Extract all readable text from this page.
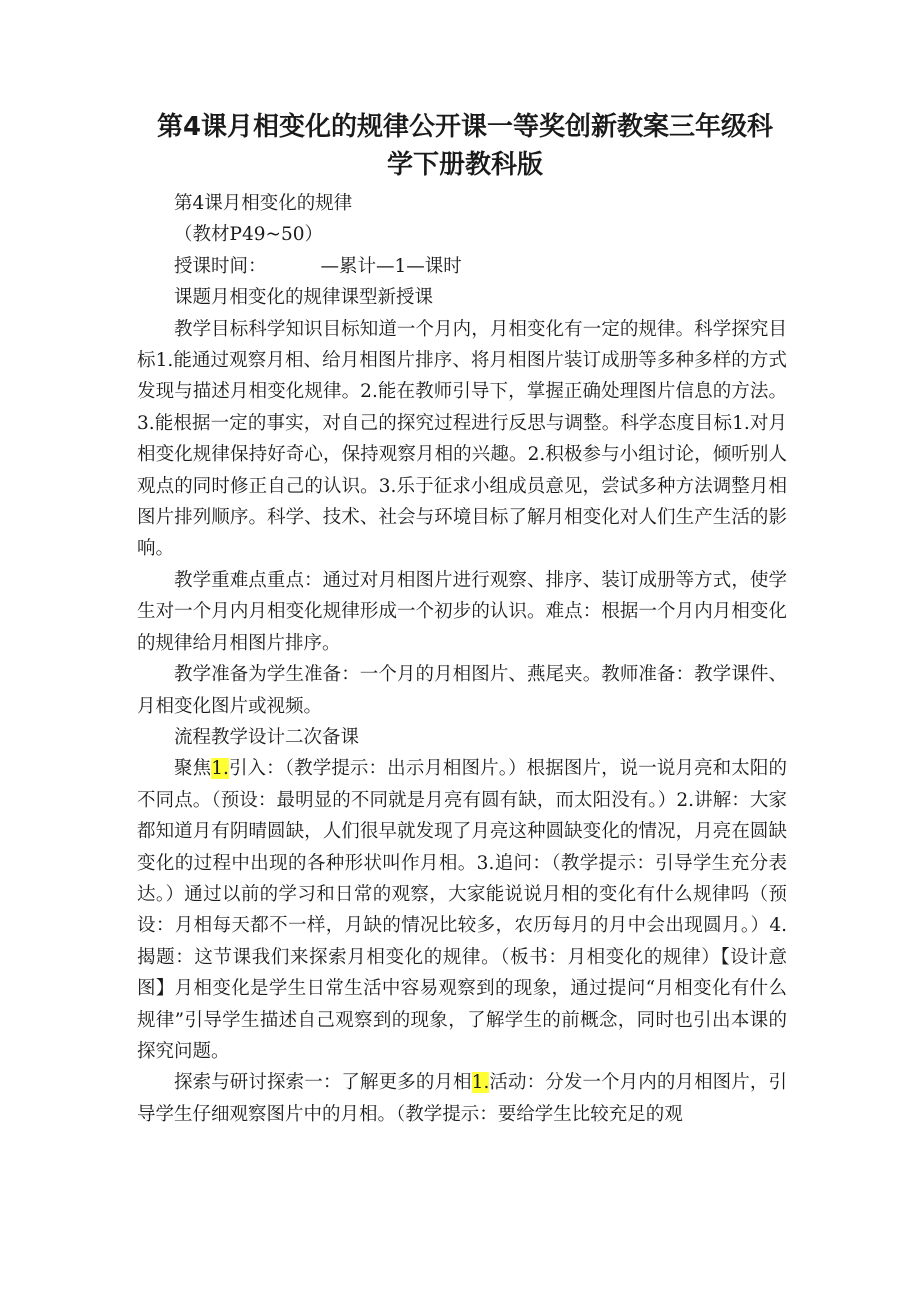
第4课月相变化的规律公开课一等奖创新教案三年级科
学下册教科版

第4课月相变化的规律

（教材P49~50）

授课时间：	—累计—1—课时

课题月相变化的规律课型新授课

教学目标科学知识目标知道一个月内，月相变化有一定的规律。科学探究目标1.能通过观察月相、给月相图片排序、将月相图片装订成册等多种多样的方式发现与描述月相变化规律。2.能在教师引导下，掌握正确处理图片信息的方法。3.能根据一定的事实，对自己的探究过程进行反思与调整。科学态度目标1.对月相变化规律保持好奇心，保持观察月相的兴趣。2.积极参与小组讨论，倾听别人观点的同时修正自己的认识。3.乐于征求小组成员意见，尝试多种方法调整月相图片排列顺序。科学、技术、社会与环境目标了解月相变化对人们生产生活的影响。

教学重难点重点：通过对月相图片进行观察、排序、装订成册等方式，使学生对一个月内月相变化规律形成一个初步的认识。难点：根据一个月内月相变化的规律给月相图片排序。

教学准备为学生准备：一个月的月相图片、燕尾夹。教师准备：教学课件、月相变化图片或视频。

流程教学设计二次备课

聚焦1.引入：（教学提示：出示月相图片。）根据图片，说一说月亮和太阳的不同点。（预设：最明显的不同就是月亮有圆有缺，而太阳没有。）2.讲解：大家都知道月有阴晴圆缺，人们很早就发现了月亮这种圆缺变化的情况，月亮在圆缺变化的过程中出现的各种形状叫作月相。3.追问：（教学提示：引导学生充分表达。）通过以前的学习和日常的观察，大家能说说月相的变化有什么规律吗（预设：月相每天都不一样，月缺的情况比较多，农历每月的月中会出现圆月。）4.揭题：这节课我们来探索月相变化的规律。（板书：月相变化的规律）【设计意图】月相变化是学生日常生活中容易观察到的现象，通过提问“月相变化有什么规律”引导学生描述自己观察到的现象，了解学生的前概念，同时也引出本课的探究问题。

探索与研讨探索一：了解更多的月相1.活动：分发一个月内的月相图片，引导学生仔细观察图片中的月相。（教学提示：要给学生比较充足的观
